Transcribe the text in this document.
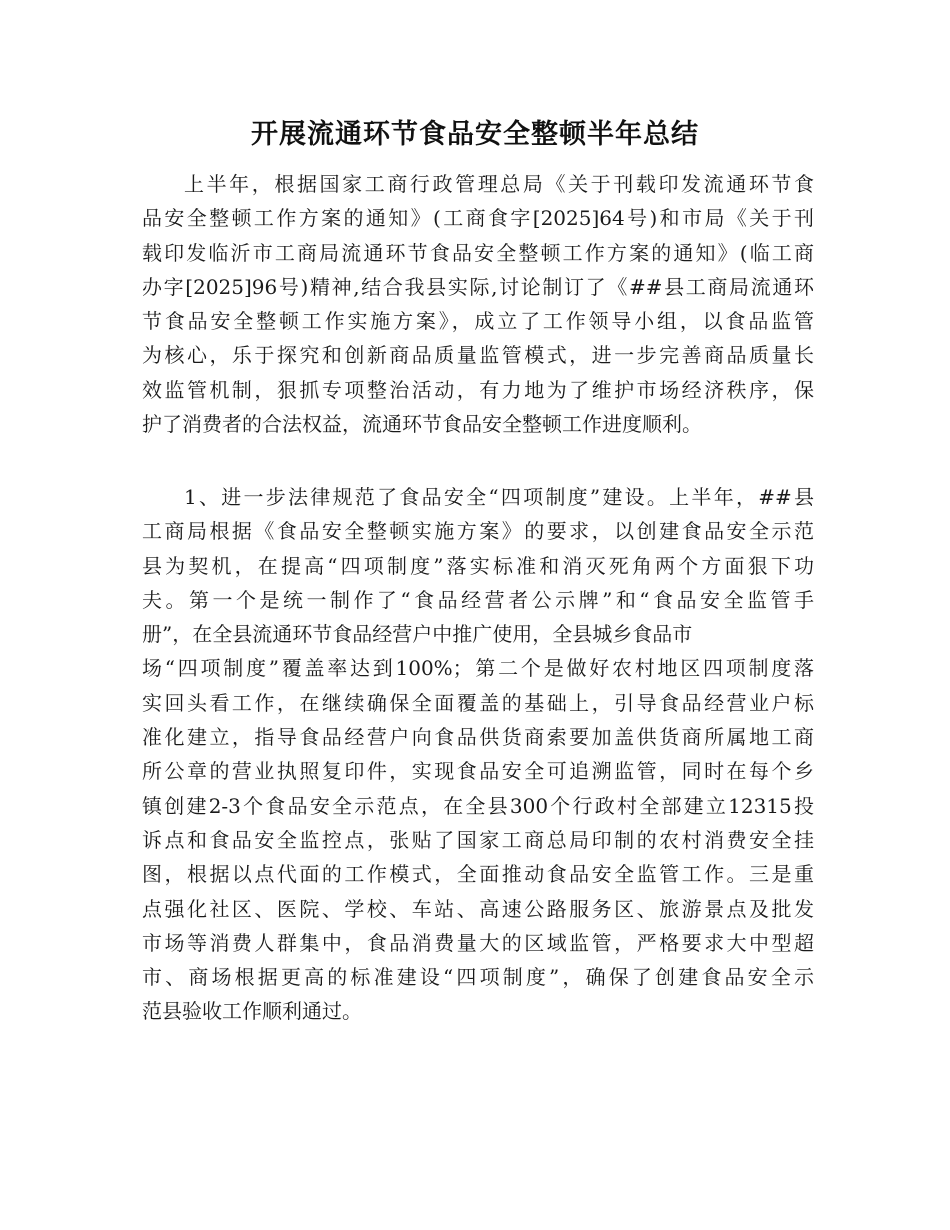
开展流通环节食品安全整顿半年总结
上半年，根据国家工商行政管理总局《关于刊载印发流通环节食
品安全整顿工作方案的通知》(工商食字[2025]64号)和市局《关于刊
载印发临沂市工商局流通环节食品安全整顿工作方案的通知》(临工商
办字[2025]96号)精神,结合我县实际,讨论制订了《##县工商局流通环
节食品安全整顿工作实施方案》，成立了工作领导小组，以食品监管
为核心，乐于探究和创新商品质量监管模式，进一步完善商品质量长
效监管机制，狠抓专项整治活动，有力地为了维护市场经济秩序，保
护了消费者的合法权益，流通环节食品安全整顿工作进度顺利。
1、进一步法律规范了食品安全“四项制度”建设。上半年，##县
工商局根据《食品安全整顿实施方案》的要求，以创建食品安全示范
县为契机，在提高“四项制度”落实标准和消灭死角两个方面狠下功
夫。第一个是统一制作了“食品经营者公示牌”和“食品安全监管手
册”，在全县流通环节食品经营户中推广使用，全县城乡食品市
场“四项制度”覆盖率达到100%；第二个是做好农村地区四项制度落
实回头看工作，在继续确保全面覆盖的基础上，引导食品经营业户标
准化建立，指导食品经营户向食品供货商索要加盖供货商所属地工商
所公章的营业执照复印件，实现食品安全可追溯监管，同时在每个乡
镇创建2-3个食品安全示范点，在全县300个行政村全部建立12315投
诉点和食品安全监控点，张贴了国家工商总局印制的农村消费安全挂
图，根据以点代面的工作模式，全面推动食品安全监管工作。三是重
点强化社区、医院、学校、车站、高速公路服务区、旅游景点及批发
市场等消费人群集中，食品消费量大的区域监管，严格要求大中型超
市、商场根据更高的标准建设“四项制度”，确保了创建食品安全示
范县验收工作顺利通过。
